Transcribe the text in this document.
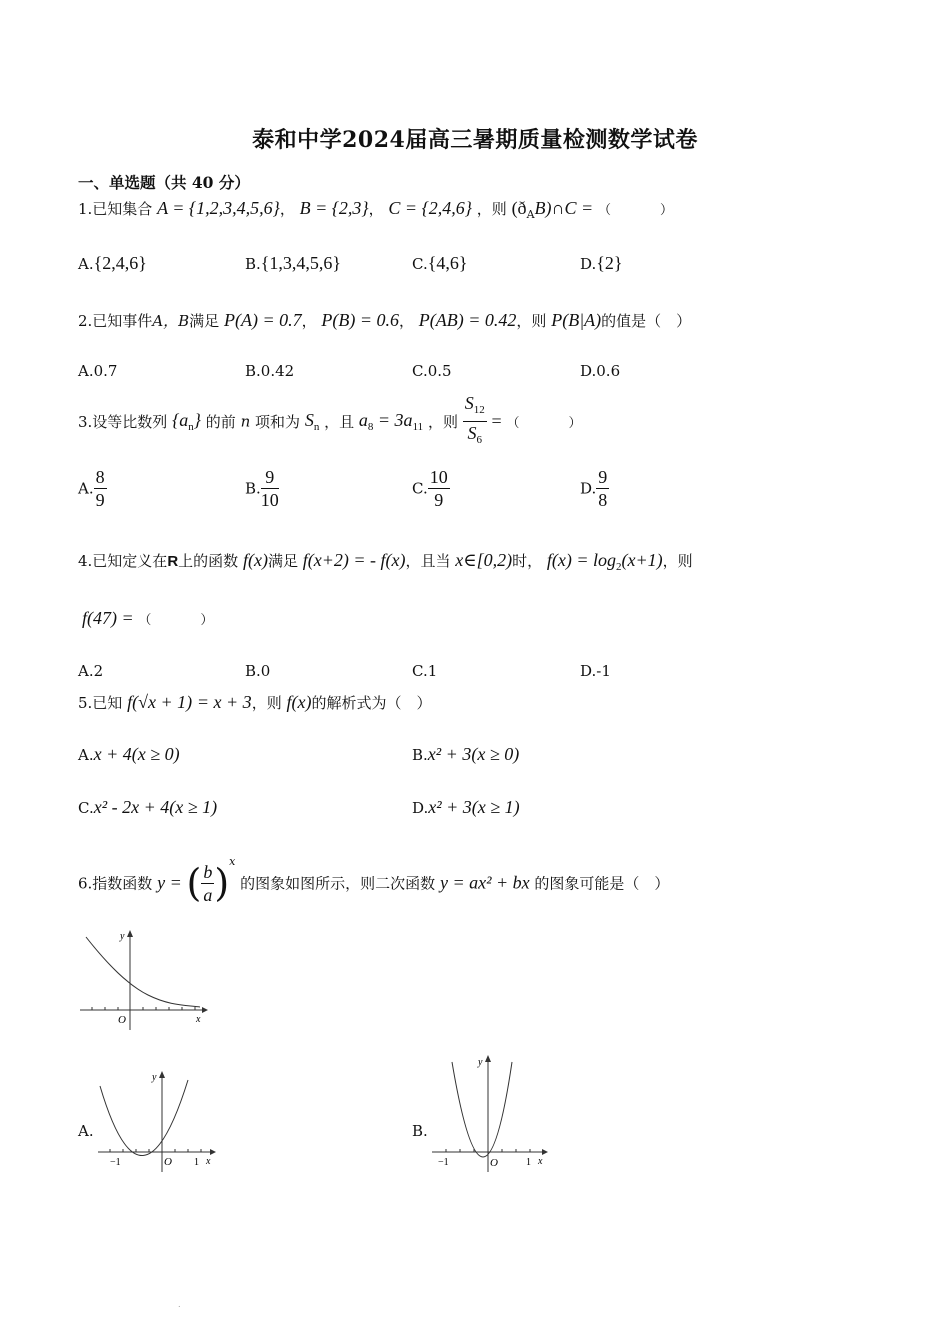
泰和中学2024届高三暑期质量检测数学试卷
一、单选题（共 40 分）
1.已知集合 A = {1,2,3,4,5,6}， B = {2,3}， C = {2,4,6} ，则 $(ð_AB)\cap C$ = （　）
A.{2,4,6}	B.{1,3,4,5,6}	C.{4,6}	D.{2}
2.已知事件A，B满足 P(A) = 0.7， P(B) = 0.6， P(AB) = 0.42，则 P(B|A)的值是（　）
A.0.7	B.0.42	C.0.5	D.0.6
3.设等比数列 $\{a_n\}$ 的前 n 项和为 $S_n$ ，且 $a_8 = 3a_{11}$ ，则 $\frac{S_{12}}{S_6}$ = （　）
A. $\frac{8}{9}$	B. $\frac{9}{10}$	C. $\frac{10}{9}$	D. $\frac{9}{8}$
4.已知定义在R上的函数 f(x)满足 f(x+2) = - f(x)，且当 x∈[0,2)时， $f(x) = \log_2(x+1)$，则
f(47) = （　）
A.2	B.0	C.1	D.-1
5.已知 f(√x + 1) = x + 3，则 f(x)的解析式为（　）
A.x + 4(x ≥ 0)	B.x² + 3(x ≥ 0)
C.x² - 2x + 4(x ≥ 1)	D.x² + 3(x ≥ 1)
6.指数函数 y = ( $\frac{b}{a} )^x$ 的图象如图所示，则二次函数 y = ax² + bx 的图象可能是（　）
y
x
O
A.
y
x
O
−1	1
B.
y
x
O
−1	1
.
